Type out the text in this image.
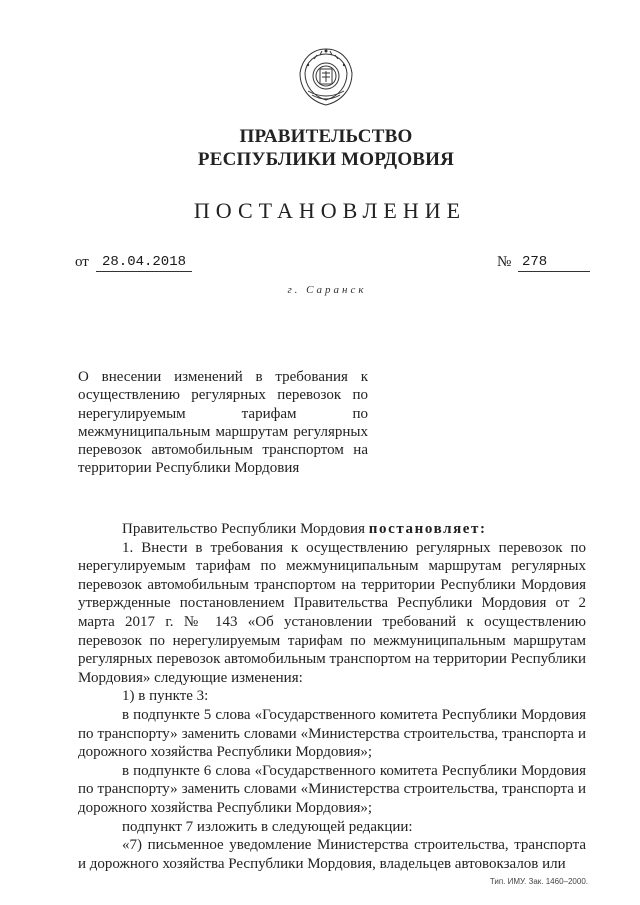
ПРАВИТЕЛЬСТВО
РЕСПУБЛИКИ МОРДОВИЯ
ПОСТАНОВЛЕНИЕ
от 28.04.2018	№ 278
г. Саранск
О внесении изменений в требования к осуществлению регулярных перевозок по нерегулируемым тарифам по межмуниципальным маршрутам регулярных перевозок автомобильным транспортом на территории Республики Мордовия

Правительство Республики Мордовия постановляет:

1. Внести в требования к осуществлению регулярных перевозок по нерегулируемым тарифам по межмуниципальным маршрутам регулярных перевозок автомобильным транспортом на территории Республики Мордовия утвержденные постановлением Правительства Республики Мордовия от 2 марта 2017 г. № 143 «Об установлении требований к осуществлению перевозок по нерегулируемым тарифам по межмуниципальным маршрутам регулярных перевозок автомобильным транспортом на территории Республики Мордовия» следующие изменения:

1) в пункте 3:

в подпункте 5 слова «Государственного комитета Республики Мордовия по транспорту» заменить словами «Министерства строительства, транспорта и дорожного хозяйства Республики Мордовия»;

в подпункте 6 слова «Государственного комитета Республики Мордовия по транспорту» заменить словами «Министерства строительства, транспорта и дорожного хозяйства Республики Мордовия»;

подпункт 7 изложить в следующей редакции:

«7) письменное уведомление Министерства строительства, транспорта и дорожного хозяйства Республики Мордовия, владельцев автовокзалов или

Тип. ИМУ. Зак. 1460–2000.
